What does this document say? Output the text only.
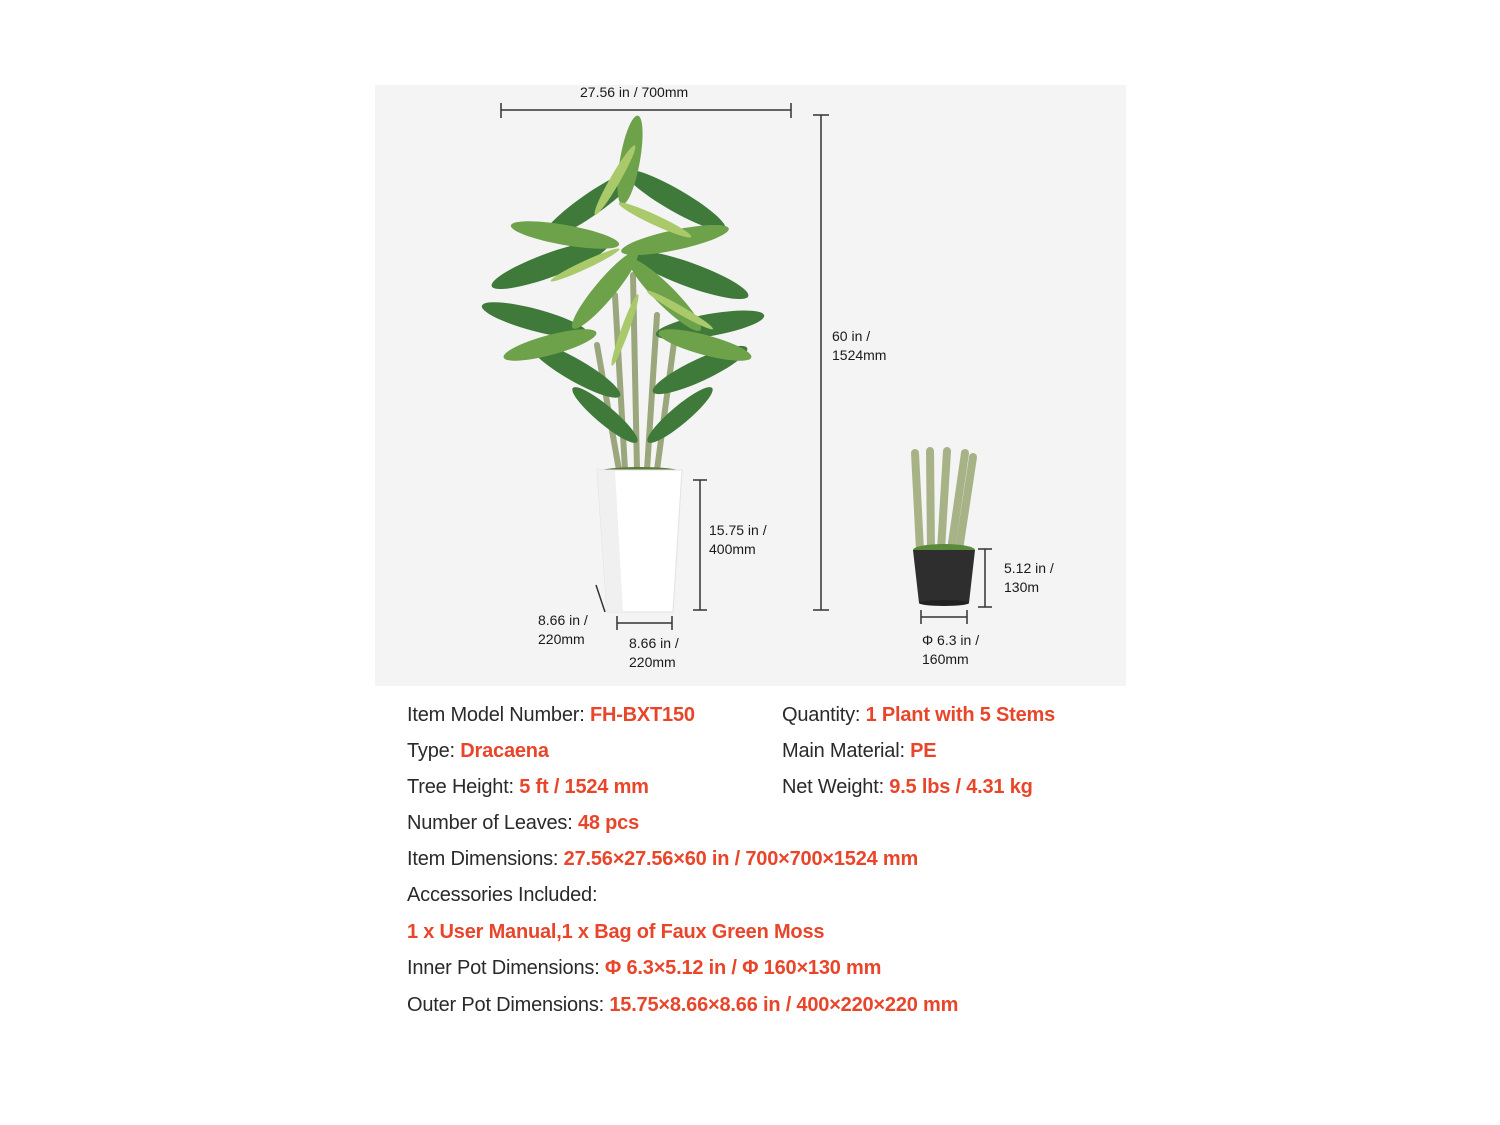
27.56 in / 700mm
60 in /
1524mm
15.75 in /
400mm
8.66 in /
220mm	8.66 in /
220mm
5.12 in /
130m
Φ 6.3 in /
160mm
Item Model Number: FH-BXT150	Quantity: 1 Plant with 5 Stems
Type: Dracaena	Main Material: PE
Tree Height: 5 ft / 1524 mm	Net Weight: 9.5 lbs / 4.31 kg
Number of Leaves: 48 pcs
Item Dimensions: 27.56×27.56×60 in / 700×700×1524 mm
Accessories Included:
1 x User Manual,1 x Bag of Faux Green Moss
Inner Pot Dimensions: Φ 6.3×5.12 in / Φ 160×130 mm
Outer Pot Dimensions: 15.75×8.66×8.66 in / 400×220×220 mm
